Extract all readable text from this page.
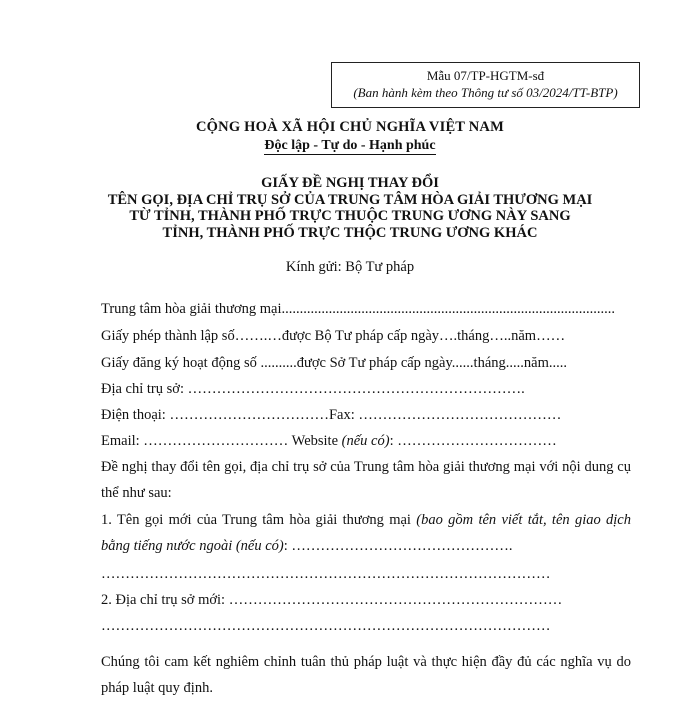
Mẫu 07/TP-HGTM-sđ
(Ban hành kèm theo Thông tư số 03/2024/TT-BTP)
CỘNG HOÀ XÃ HỘI CHỦ NGHĨA VIỆT NAM
Độc lập - Tự do - Hạnh phúc
GIẤY ĐỀ NGHỊ THAY ĐỔI
TÊN GỌI, ĐỊA CHỈ TRỤ SỞ CỦA TRUNG TÂM HÒA GIẢI THƯƠNG MẠI
TỪ TỈNH, THÀNH PHỐ TRỰC THUỘC TRUNG ƯƠNG NÀY SANG
TỈNH, THÀNH PHỐ TRỰC THỘC TRUNG ƯƠNG KHÁC
Kính gửi: Bộ Tư pháp
Trung tâm hòa giải thương mại............................................................................................
Giấy phép thành lập số…….…được Bộ Tư pháp cấp ngày….tháng…..năm……
Giấy đăng ký hoạt động số ..........được Sở Tư pháp cấp ngày......tháng.....năm.....
Địa chỉ trụ sở: …………………………………………………………….
Điện thoại: ……………………………Fax: ……………………………………
Email: ………………………… Website (nếu có): ……………………………
Đề nghị thay đổi tên gọi, địa chỉ trụ sở của Trung tâm hòa giải thương mại với nội dung cụ thể như sau:
1. Tên gọi mới của Trung tâm hòa giải thương mại (bao gồm tên viết tắt, tên giao dịch bằng tiếng nước ngoài (nếu có): ……………………………………….
…………………………………………………………………………………
2. Địa chỉ trụ sở mới: ……………………………………………………………
…………………………………………………………………………………
Chúng tôi cam kết nghiêm chỉnh tuân thủ pháp luật và thực hiện đầy đủ các nghĩa vụ do pháp luật quy định.
